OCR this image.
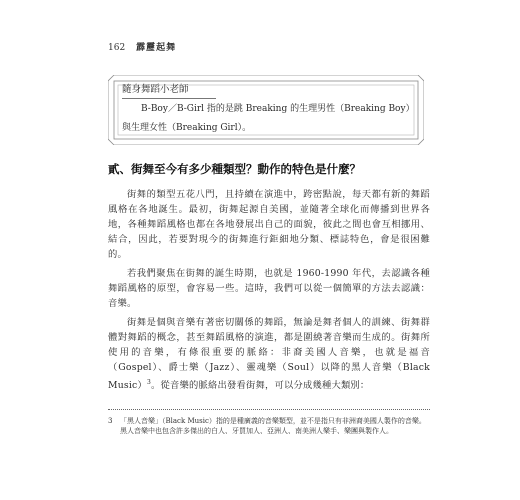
162 霹靂起舞
隨身舞蹈小老師
B-Boy／B-Girl 指的是跳 Breaking 的生理男性（Breaking Boy）與生理女性（Breaking Girl）。
貳、街舞至今有多少種類型？動作的特色是什麼？

街舞的類型五花八門，且持續在演進中，跨密點說，每天都有新的舞蹈風格在各地誕生。最初，街舞起源自美國，並隨著全球化而傳播到世界各地，各種舞蹈風格也都在各地發展出自己的面貌，彼此之間也會互相挪用、結合，因此，若要對現今的街舞進行鉅細地分類、標誌特色，會是很困難的。

若我們聚焦在街舞的誕生時期，也就是 1960-1990 年代，去認識各種舞蹈風格的原型，會容易一些。這時，我們可以從一個簡單的方法去認識：音樂。

街舞是個與音樂有著密切關係的舞蹈，無論是舞者個人的訓練、街舞群體對舞蹈的概念，甚至舞蹈風格的演進，都是圍繞著音樂而生成的。街舞所使用的音樂，有條很重要的脈絡：非裔美國人音樂，也就是福音（Gospel）、爵士樂（Jazz）、靈魂樂（Soul）以降的黑人音樂（Black Music）$^3$。從音樂的脈絡出發看街舞，可以分成幾種大類別：

3 「黑人音樂」（Black Music）指的是種廣義的音樂類型，並不是指只有非洲裔美國人製作的音樂。黑人音樂中也包含許多傑出的白人、牙買加人、亞洲人、南美洲人樂手、樂團與製作人。
